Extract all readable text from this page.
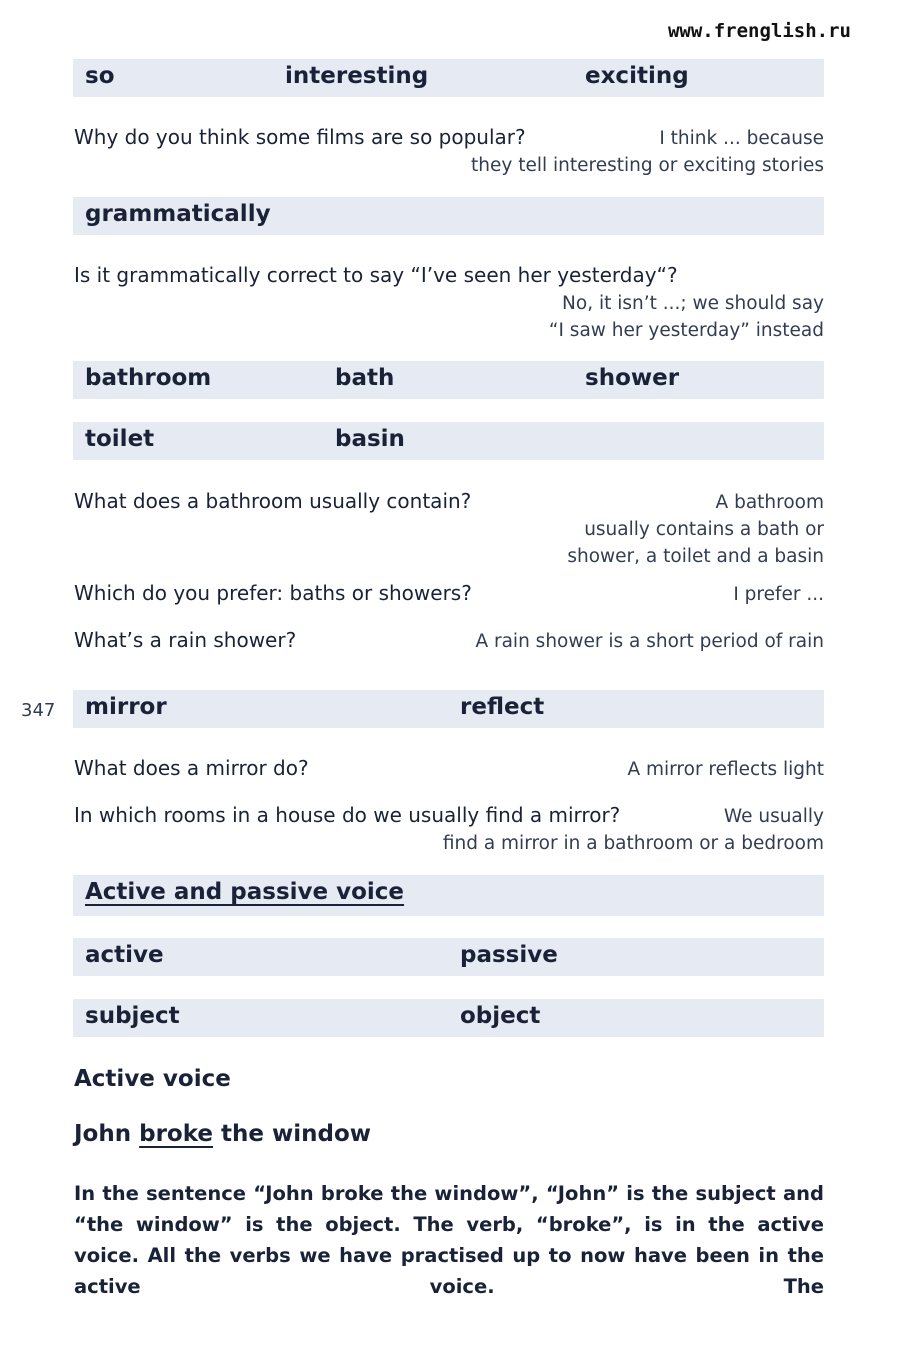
www.frenglish.ru
so	interesting	exciting
Why do you think some films are so popular?	I think ... because
they tell interesting or exciting stories
grammatically
Is it grammatically correct to say “I’ve seen her yesterday“?
No, it isn’t ...; we should say
“I saw her yesterday” instead
bathroom	bath	shower
toilet	basin
What does a bathroom usually contain?	A bathroom
usually contains a bath or
shower, a toilet and a basin
Which do you prefer: baths or showers?	I prefer ...
What’s a rain shower?	A rain shower is a short period of rain
347 mirror	reflect
What does a mirror do?	A mirror reflects light
In which rooms in a house do we usually find a mirror?	We usually
find a mirror in a bathroom or a bedroom
Active and passive voice
active	passive
subject	object
Active voice
John broke the window
In the sentence “John broke the window”, “John” is the subject and “the window” is the object. The verb, “broke”, is in the active voice. All the verbs we have practised up to now have been in the active voice. The
